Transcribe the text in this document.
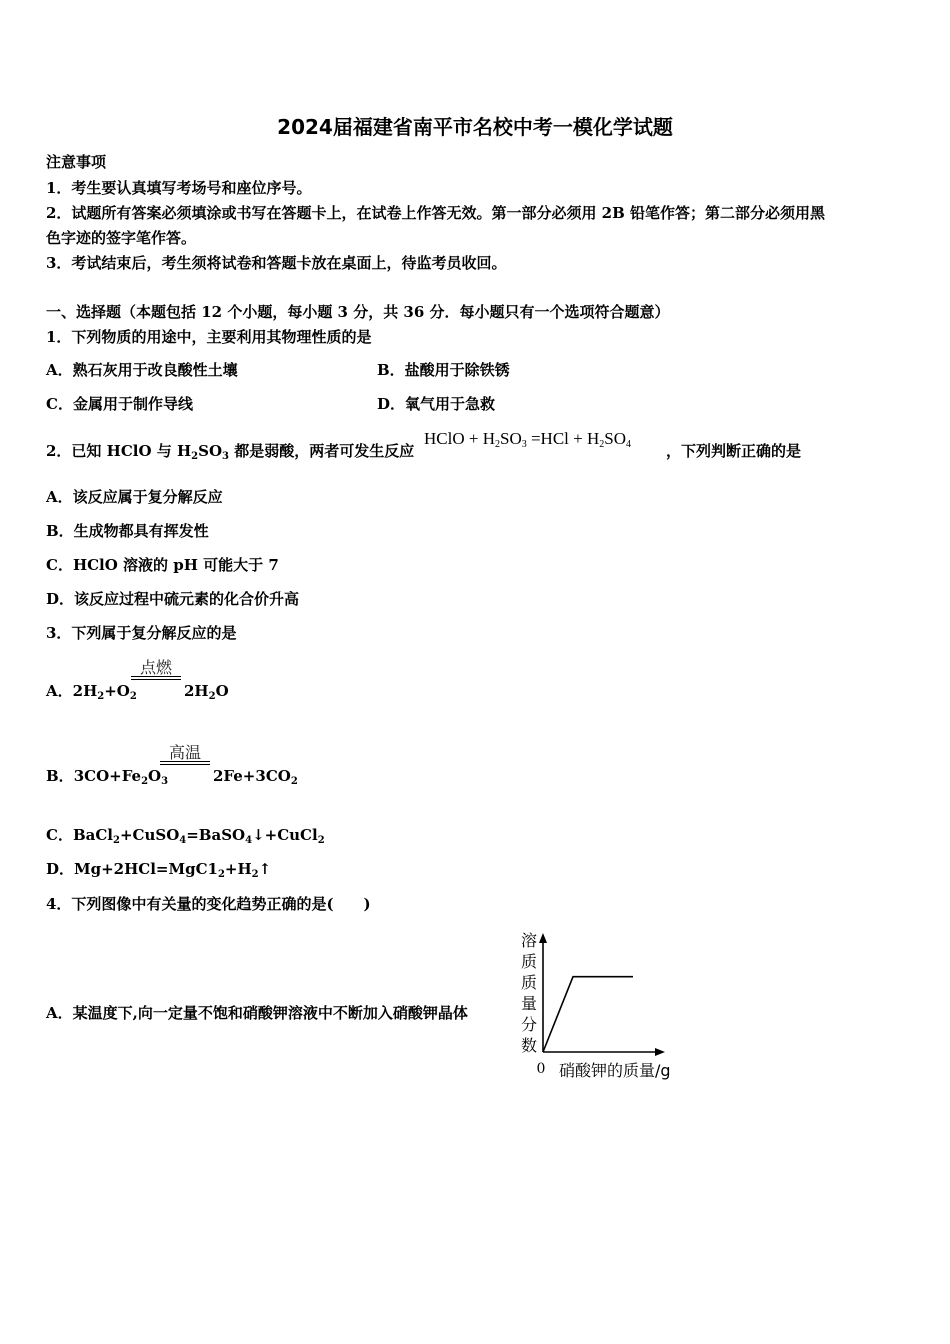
2024届福建省南平市名校中考一模化学试题
注意事项
1．考生要认真填写考场号和座位序号。
2．试题所有答案必须填涂或书写在答题卡上，在试卷上作答无效。第一部分必须用 2B 铅笔作答；第二部分必须用黑
色字迹的签字笔作答。
3．考试结束后，考生须将试卷和答题卡放在桌面上，待监考员收回。
一、选择题（本题包括 12 个小题，每小题 3 分，共 36 分．每小题只有一个选项符合题意）
1．下列物质的用途中，主要利用其物理性质的是
A．熟石灰用于改良酸性土壤	B．盐酸用于除铁锈
C．金属用于制作导线	D．氧气用于急救
2．已知 HClO 与 $H_2SO_3$ 都是弱酸，两者可发生反应
HClO + $H_2SO_3 =HCl + H_2SO_4$ ，下列判断正确的是
A．该反应属于复分解反应
B．生成物都具有挥发性
C．HClO 溶液的 pH 可能大于 7
D．该反应过程中硫元素的化合价升高
3．下列属于复分解反应的是
A．$2H_2+O_2$
点燃
$2H_2O$
B．$3CO+Fe_2O_3$
高温
$2Fe+3CO_2$
C．BaCl$_2$+CuSO$_4$=BaSO$_4$↓+CuCl$_2$
D．$Mg+2HCl=MgC1_2+H_2↑$
4．下列图像中有关量的变化趋势正确的是(　　)
A．某温度下,向一定量不饱和硝酸钾溶液中不断加入硝酸钾晶体
溶
质
质
量
分
数
0 硝酸钾的质量/g
